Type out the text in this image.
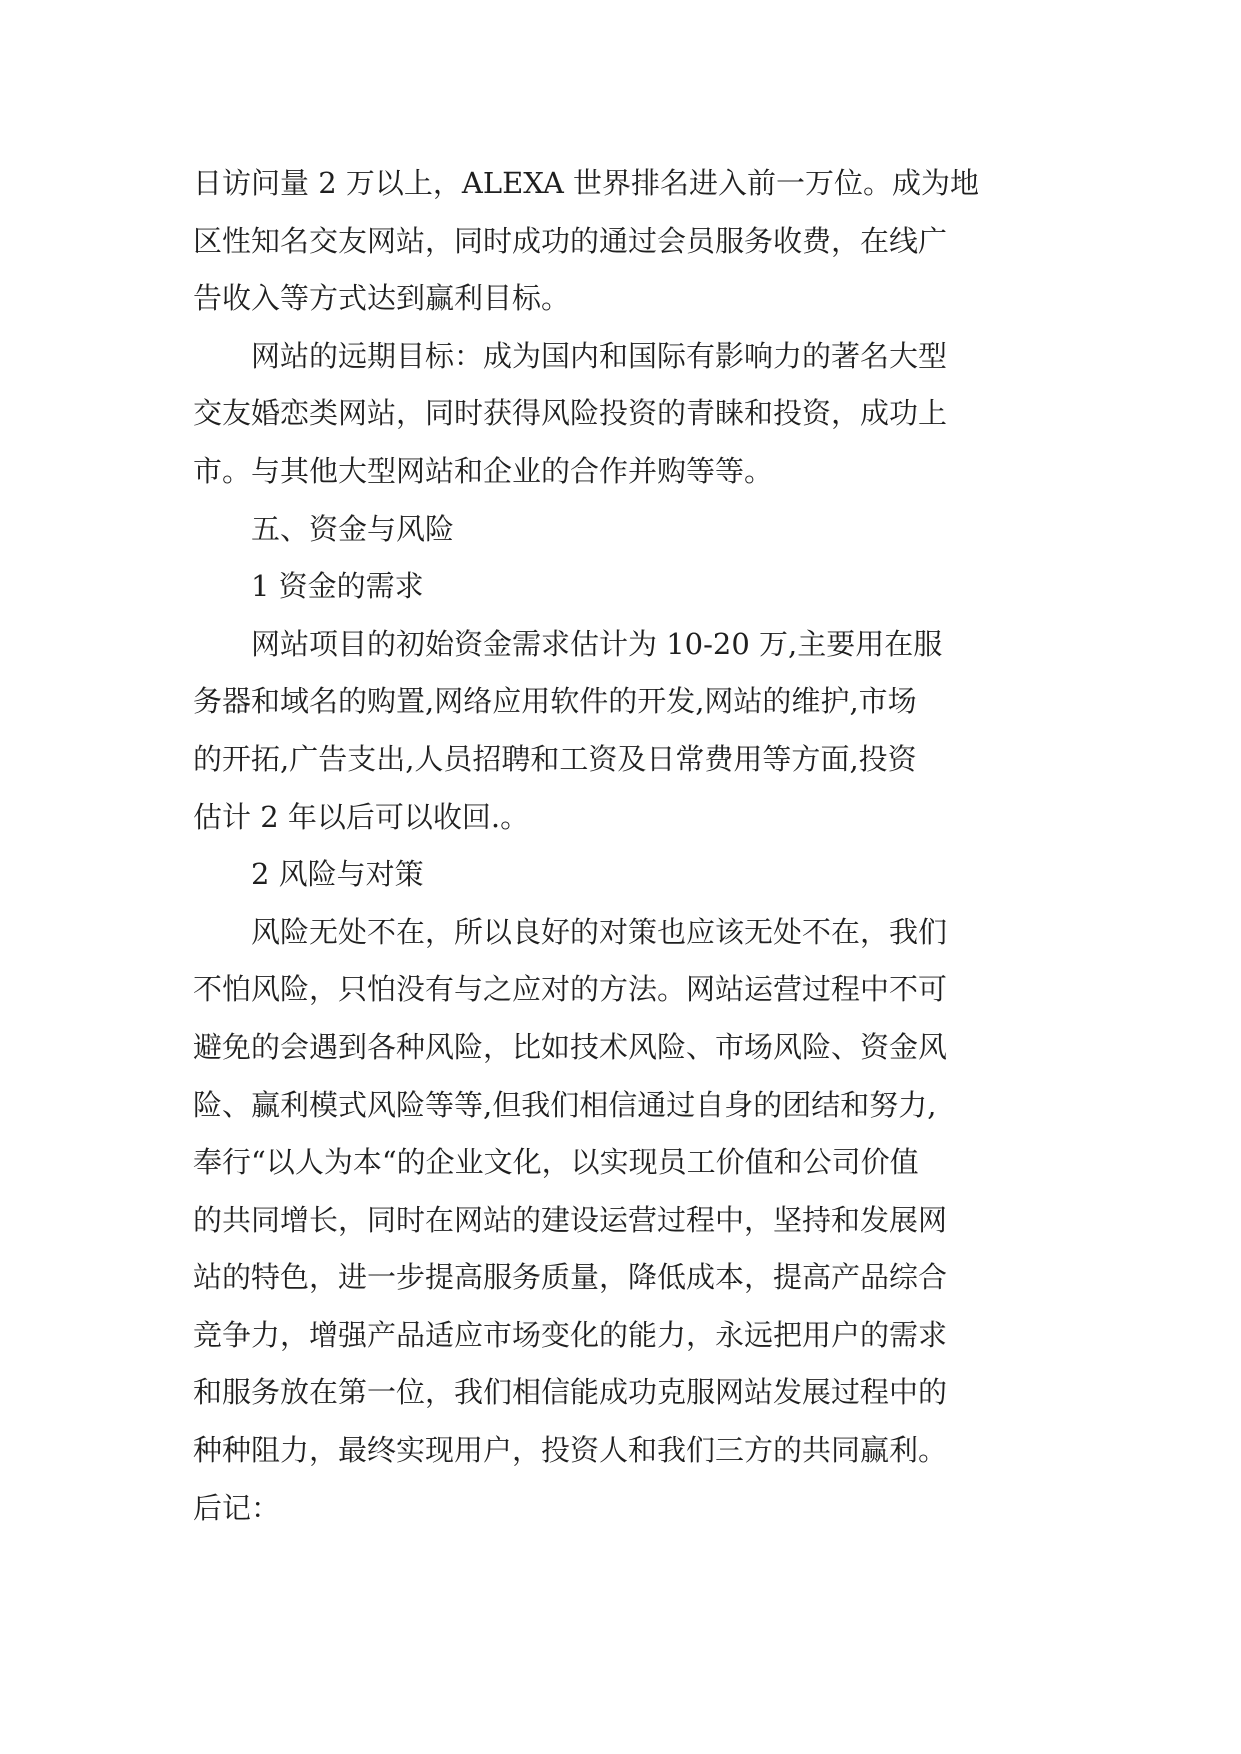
日访问量 2 万以上，ALEXA 世界排名进入前一万位。成为地
区性知名交友网站，同时成功的通过会员服务收费，在线广
告收入等方式达到赢利目标。

网站的远期目标：成为国内和国际有影响力的著名大型
交友婚恋类网站，同时获得风险投资的青睐和投资，成功上
市。与其他大型网站和企业的合作并购等等。

五、资金与风险

1 资金的需求

网站项目的初始资金需求估计为 10-20 万,主要用在服
务器和域名的购置,网络应用软件的开发,网站的维护,市场
的开拓,广告支出,人员招聘和工资及日常费用等方面,投资
估计 2 年以后可以收回.。

2 风险与对策

风险无处不在，所以良好的对策也应该无处不在，我们
不怕风险，只怕没有与之应对的方法。网站运营过程中不可
避免的会遇到各种风险，比如技术风险、市场风险、资金风
险、赢利模式风险等等,但我们相信通过自身的团结和努力,
奉行“以人为本“的企业文化，以实现员工价值和公司价值
的共同增长，同时在网站的建设运营过程中，坚持和发展网
站的特色，进一步提高服务质量，降低成本，提高产品综合
竞争力，增强产品适应市场变化的能力，永远把用户的需求
和服务放在第一位，我们相信能成功克服网站发展过程中的
种种阻力，最终实现用户，投资人和我们三方的共同赢利。

后记：
